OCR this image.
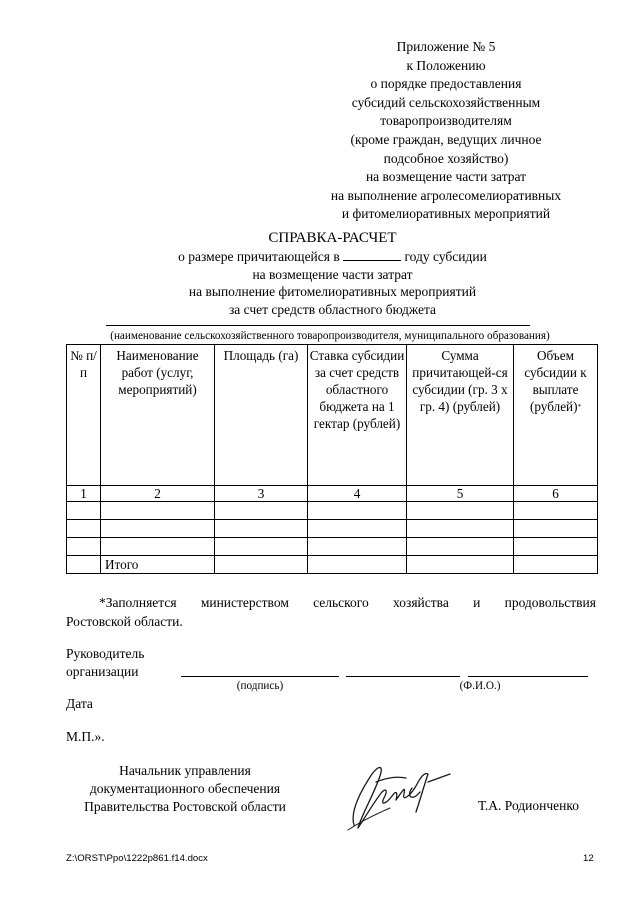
Приложение № 5
к Положению
о порядке предоставления
субсидий сельскохозяйственным
товаропроизводителям
(кроме граждан, ведущих личное
подсобное хозяйство)
на возмещение части затрат
на выполнение агролесомелиоративных
и фитомелиоративных мероприятий
СПРАВКА-РАСЧЕТ
о размере причитающейся в	году субсидии
на возмещение части затрат
на выполнение фитомелиоративных мероприятий
за счет средств областного бюджета
(наименование сельскохозяйственного товаропроизводителя, муниципального образования)
№ п/п	Наименование работ (услуг, мероприятий)	Площадь (га)	Ставка субсидии за счет средств областного бюджета на 1 гектар (рублей)	Сумма причитающей-ся субсидии (гр. 3 х гр. 4) (рублей)	Объем субсидии к выплате (рублей)*
1	2	3	4	5	6

	Итого				
*Заполняется министерством сельского хозяйства и продовольствия
Ростовской области.
Руководитель
организации
(подпись)	(Ф.И.О.)
Дата
М.П.».
Начальник управления
документационного обеспечения
Правительства Ростовской области	Т.А. Родионченко
Z:\ORST\Ppo\1222p861.f14.docx	12
